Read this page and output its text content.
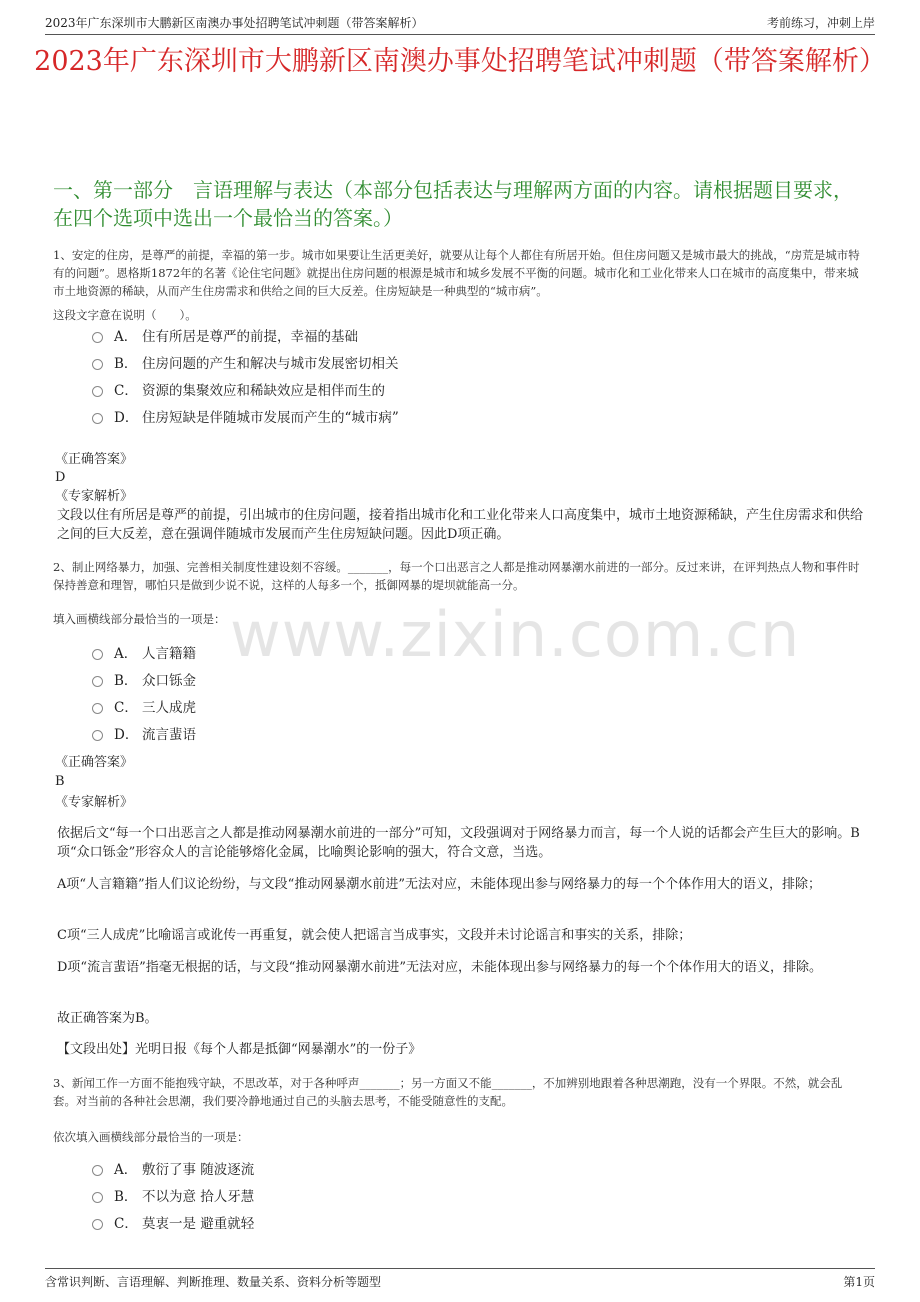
2023年广东深圳市大鹏新区南澳办事处招聘笔试冲刺题（带答案解析）	考前练习，冲刺上岸
2023年广东深圳市大鹏新区南澳办事处招聘笔试冲刺题（带答案解析）
一、第一部分　言语理解与表达（本部分包括表达与理解两方面的内容。请根据题目要求，在四个选项中选出一个最恰当的答案。）
1、安定的住房，是尊严的前提，幸福的第一步。城市如果要让生活更美好，就要从让每个人都住有所居开始。但住房问题又是城市最大的挑战，“房荒是城市特有的问题”。恩格斯1872年的名著《论住宅问题》就提出住房问题的根源是城市和城乡发展不平衡的问题。城市化和工业化带来人口在城市的高度集中，带来城市土地资源的稀缺，从而产生住房需求和供给之间的巨大反差。住房短缺是一种典型的“城市病”。
这段文字意在说明（　　）。
A． 住有所居是尊严的前提，幸福的基础
B． 住房问题的产生和解决与城市发展密切相关
C． 资源的集聚效应和稀缺效应是相伴而生的
D． 住房短缺是伴随城市发展而产生的“城市病”
《正确答案》
D
《专家解析》
文段以住有所居是尊严的前提，引出城市的住房问题，接着指出城市化和工业化带来人口高度集中，城市土地资源稀缺，产生住房需求和供给之间的巨大反差，意在强调伴随城市发展而产生住房短缺问题。因此D项正确。
2、制止网络暴力，加强、完善相关制度性建设刻不容缓。_______，每一个口出恶言之人都是推动网暴潮水前进的一部分。反过来讲，在评判热点人物和事件时保持善意和理智，哪怕只是做到少说不说，这样的人每多一个，抵御网暴的堤坝就能高一分。
填入画横线部分最恰当的一项是： www.zixin.com.cn
A． 人言籍籍
B． 众口铄金
C． 三人成虎
D． 流言蜚语
《正确答案》
B
《专家解析》
依据后文“每一个口出恶言之人都是推动网暴潮水前进的一部分”可知，文段强调对于网络暴力而言，每一个人说的话都会产生巨大的影响。B项“众口铄金”形容众人的言论能够熔化金属，比喻舆论影响的强大，符合文意，当选。
A项“人言籍籍”指人们议论纷纷，与文段“推动网暴潮水前进”无法对应，未能体现出参与网络暴力的每一个个体作用大的语义，排除；
C项“三人成虎”比喻谣言或讹传一再重复，就会使人把谣言当成事实，文段并未讨论谣言和事实的关系，排除；
D项“流言蜚语”指毫无根据的话，与文段“推动网暴潮水前进”无法对应，未能体现出参与网络暴力的每一个个体作用大的语义，排除。
故正确答案为B。
【文段出处】光明日报《每个人都是抵御“网暴潮水”的一份子》
3、新闻工作一方面不能抱残守缺，不思改革，对于各种呼声_______；另一方面又不能_______，不加辨别地跟着各种思潮跑，没有一个界限。不然，就会乱套。对当前的各种社会思潮，我们要冷静地通过自己的头脑去思考，不能受随意性的支配。
依次填入画横线部分最恰当的一项是：
A． 敷衍了事 随波逐流
B． 不以为意 拾人牙慧
C． 莫衷一是 避重就轻
含常识判断、言语理解、判断推理、数量关系、资料分析等题型	第1页
